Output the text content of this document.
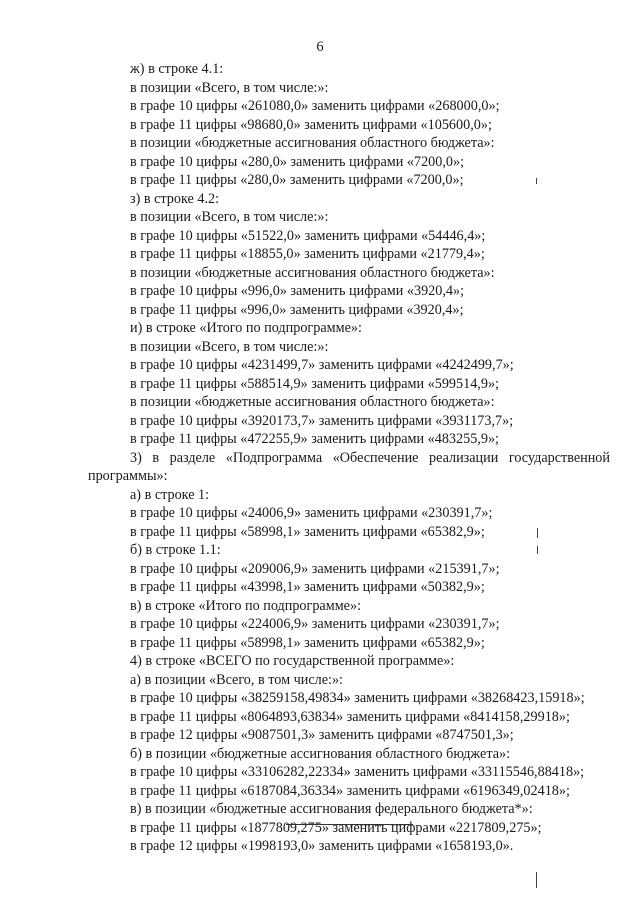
6
ж) в строке 4.1:
в позиции «Всего, в том числе:»:
в графе 10 цифры «261080,0» заменить цифрами «268000,0»;
в графе 11 цифры «98680,0» заменить цифрами «105600,0»;
в позиции «бюджетные ассигнования областного бюджета»:
в графе 10 цифры «280,0» заменить цифрами «7200,0»;
в графе 11 цифры «280,0» заменить цифрами «7200,0»;
з) в строке 4.2:
в позиции «Всего, в том числе:»:
в графе 10 цифры «51522,0» заменить цифрами «54446,4»;
в графе 11 цифры «18855,0» заменить цифрами «21779,4»;
в позиции «бюджетные ассигнования областного бюджета»:
в графе 10 цифры «996,0» заменить цифрами «3920,4»;
в графе 11 цифры «996,0» заменить цифрами «3920,4»;
и) в строке «Итого по подпрограмме»:
в позиции «Всего, в том числе:»:
в графе 10 цифры «4231499,7» заменить цифрами «4242499,7»;
в графе 11 цифры «588514,9» заменить цифрами «599514,9»;
в позиции «бюджетные ассигнования областного бюджета»:
в графе 10 цифры «3920173,7» заменить цифрами «3931173,7»;
в графе 11 цифры «472255,9» заменить цифрами «483255,9»;
3) в разделе «Подпрограмма «Обеспечение реализации государственной
программы»:
а) в строке 1:
в графе 10 цифры «24006,9» заменить цифрами «230391,7»;
в графе 11 цифры «58998,1» заменить цифрами «65382,9»;
б) в строке 1.1:
в графе 10 цифры «209006,9» заменить цифрами «215391,7»;
в графе 11 цифры «43998,1» заменить цифрами «50382,9»;
в) в строке «Итого по подпрограмме»:
в графе 10 цифры «224006,9» заменить цифрами «230391,7»;
в графе 11 цифры «58998,1» заменить цифрами «65382,9»;
4) в строке «ВСЕГО по государственной программе»:
а) в позиции «Всего, в том числе:»:
в графе 10 цифры «38259158,49834» заменить цифрами «38268423,15918»;
в графе 11 цифры «8064893,63834» заменить цифрами «8414158,29918»;
в графе 12 цифры «9087501,3» заменить цифрами «8747501,3»;
б) в позиции «бюджетные ассигнования областного бюджета»:
в графе 10 цифры «33106282,22334» заменить цифрами «33115546,88418»;
в графе 11 цифры «6187084,36334» заменить цифрами «6196349,02418»;
в) в позиции «бюджетные ассигнования федерального бюджета*»:
в графе 11 цифры «1877809,275» заменить цифрами «2217809,275»;
в графе 12 цифры «1998193,0» заменить цифрами «1658193,0».
